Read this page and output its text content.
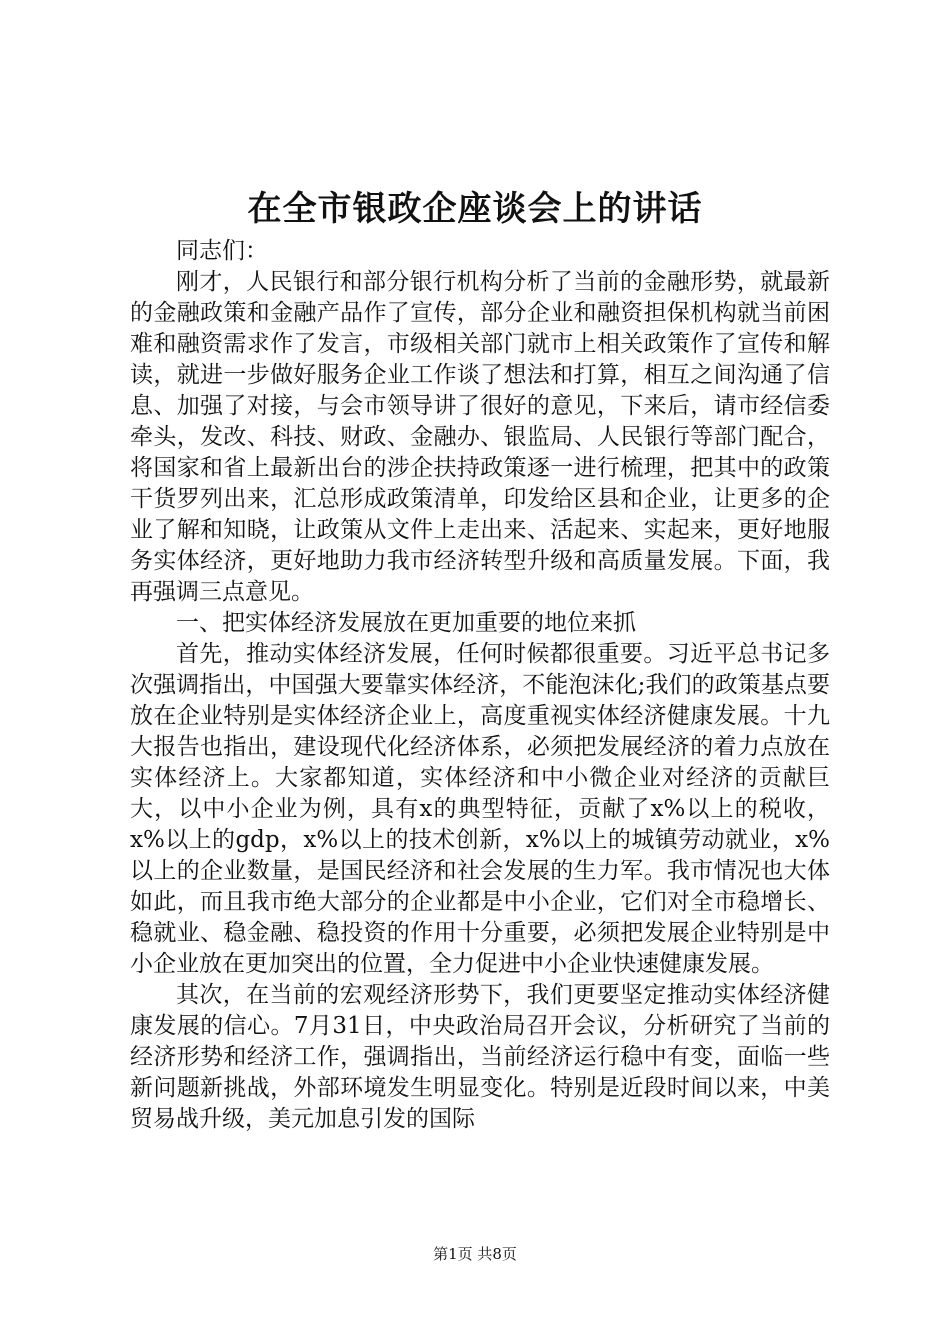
在全市银政企座谈会上的讲话

同志们：

刚才，人民银行和部分银行机构分析了当前的金融形势，就最新的金融政策和金融产品作了宣传，部分企业和融资担保机构就当前困难和融资需求作了发言，市级相关部门就市上相关政策作了宣传和解读，就进一步做好服务企业工作谈了想法和打算，相互之间沟通了信息、加强了对接，与会市领导讲了很好的意见，下来后，请市经信委牵头，发改、科技、财政、金融办、银监局、人民银行等部门配合，将国家和省上最新出台的涉企扶持政策逐一进行梳理，把其中的政策干货罗列出来，汇总形成政策清单，印发给区县和企业，让更多的企业了解和知晓，让政策从文件上走出来、活起来、实起来，更好地服务实体经济，更好地助力我市经济转型升级和高质量发展。下面，我再强调三点意见。

一、把实体经济发展放在更加重要的地位来抓

首先，推动实体经济发展，任何时候都很重要。习近平总书记多次强调指出，中国强大要靠实体经济，不能泡沫化;我们的政策基点要放在企业特别是实体经济企业上，高度重视实体经济健康发展。十九大报告也指出，建设现代化经济体系，必须把发展经济的着力点放在实体经济上。大家都知道，实体经济和中小微企业对经济的贡献巨大，以中小企业为例，具有x的典型特征，贡献了x%以上的税收，x%以上的gdp，x%以上的技术创新，x%以上的城镇劳动就业，x%以上的企业数量，是国民经济和社会发展的生力军。我市情况也大体如此，而且我市绝大部分的企业都是中小企业，它们对全市稳增长、稳就业、稳金融、稳投资的作用十分重要，必须把发展企业特别是中小企业放在更加突出的位置，全力促进中小企业快速健康发展。

其次，在当前的宏观经济形势下，我们更要坚定推动实体经济健康发展的信心。7月31日，中央政治局召开会议，分析研究了当前的经济形势和经济工作，强调指出，当前经济运行稳中有变，面临一些新问题新挑战，外部环境发生明显变化。特别是近段时间以来，中美贸易战升级，美元加息引发的国际

第1页 共8页
